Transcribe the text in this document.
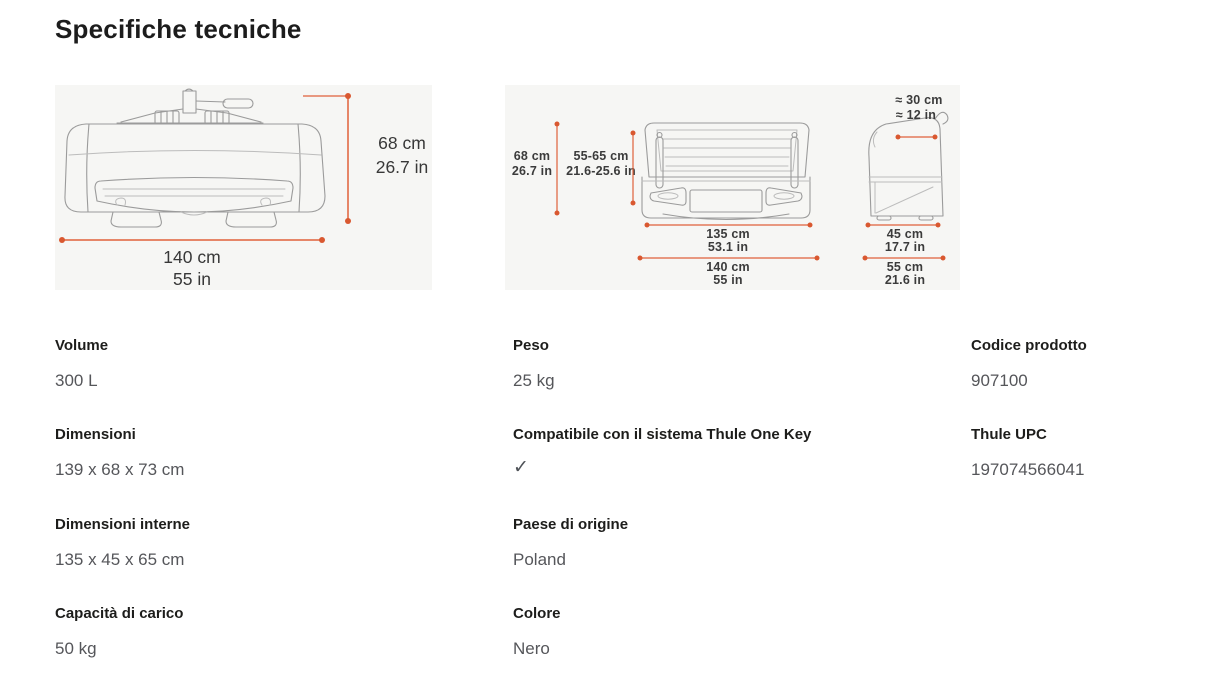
Specifiche tecniche
68 cm
26.7 in
140 cm
55 in
68 cm
26.7 in
55-65 cm
21.6-25.6 in
135 cm
53.1 in
140 cm
55 in
≈ 30 cm
≈ 12 in
45 cm
17.7 in
55 cm
21.6 in
Volume
300 L
Peso
25 kg
Codice prodotto
907100
Dimensioni
139 x 68 x 73 cm
Compatibile con il sistema Thule One Key
✓
Thule UPC
197074566041
Dimensioni interne
135 x 45 x 65 cm
Paese di origine
Poland
Capacità di carico
50 kg
Colore
Nero
